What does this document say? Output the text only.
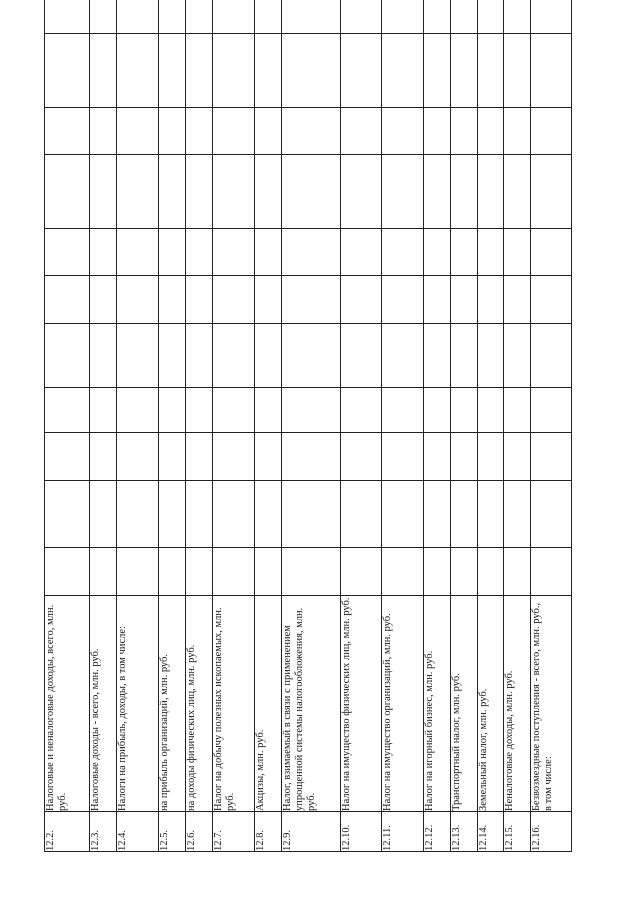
12.2.	Налоговые и неналоговые доходы, всего, млн. руб.											
12.3.	Налоговые доходы - всего, млн. руб.											
12.4.	Налоги на прибыль, доходы, в том числе:											
12.5.	на прибыль организаций, млн. руб.											
12.6.	на доходы физических лиц, млн. руб.											
12.7.	Налог на добычу полезных ископаемых, млн. руб.											
12.8.	Акцизы, млн. руб.											
12.9.	Налог, взимаемый в связи с применением упрощенной системы налогообложения, млн. руб.											
12.10.	Налог на имущество физических лиц, млн. руб.											
12.11.	Налог на имущество организаций, млн. руб.											
12.12.	Налог на игорный бизнес, млн. руб.											
12.13.	Транспортный налог, млн. руб.											
12.14.	Земельный налог, млн. руб.											
12.15.	Неналоговые доходы, млн. руб.											
12.16.	Безвозмездные поступления - всего, млн. руб., в том числе:											
